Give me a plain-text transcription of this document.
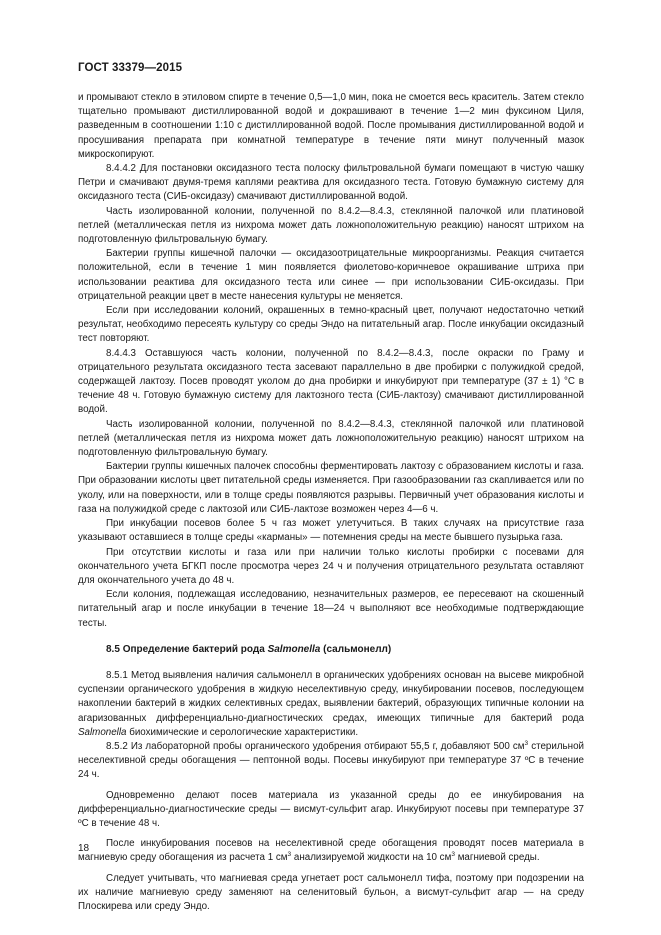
ГОСТ 33379—2015

и промывают стекло в этиловом спирте в течение 0,5—1,0 мин, пока не смоется весь краситель. Затем стекло тщательно промывают дистиллированной водой и докрашивают в течение 1—2 мин фуксином Циля, разведенным в соотношении 1:10 с дистиллированной водой. После промывания дистиллированной водой и просушивания препарата при комнатной температуре в течение пяти минут полученный мазок микроскопируют.

8.4.4.2 Для постановки оксидазного теста полоску фильтровальной бумаги помещают в чистую чашку Петри и смачивают двумя-тремя каплями реактива для оксидазного теста. Готовую бумажную систему для оксидазного теста (СИБ-оксидазу) смачивают дистиллированной водой.

Часть изолированной колонии, полученной по 8.4.2—8.4.3, стеклянной палочкой или платиновой петлей (металлическая петля из нихрома может дать ложноположительную реакцию) наносят штрихом на подготовленную фильтровальную бумагу.

Бактерии группы кишечной палочки — оксидазоотрицательные микроорганизмы. Реакция считается положительной, если в течение 1 мин появляется фиолетово-коричневое окрашивание штриха при использовании реактива для оксидазного теста или синее — при использовании СИБ-оксидазы. При отрицательной реакции цвет в месте нанесения культуры не меняется.

Если при исследовании колоний, окрашенных в темно-красный цвет, получают недостаточно четкий результат, необходимо пересеять культуру со среды Эндо на питательный агар. После инкубации оксидазный тест повторяют.

8.4.4.3 Оставшуюся часть колонии, полученной по 8.4.2—8.4.3, после окраски по Граму и отрицательного результата оксидазного теста засевают параллельно в две пробирки с полужидкой средой, содержащей лактозу. Посев проводят уколом до дна пробирки и инкубируют при температуре (37 ± 1) °С в течение 48 ч. Готовую бумажную систему для лактозного теста (СИБ-лактозу) смачивают дистиллированной водой.

Часть изолированной колонии, полученной по 8.4.2—8.4.3, стеклянной палочкой или платиновой петлей (металлическая петля из нихрома может дать ложноположительную реакцию) наносят штрихом на подготовленную фильтровальную бумагу.

Бактерии группы кишечных палочек способны ферментировать лактозу с образованием кислоты и газа. При образовании кислоты цвет питательной среды изменяется. При газообразовании газ скапливается или по уколу, или на поверхности, или в толще среды появляются разрывы. Первичный учет образования кислоты и газа на полужидкой среде с лактозой или СИБ-лактозе возможен через 4—6 ч.

При инкубации посевов более 5 ч газ может улетучиться. В таких случаях на присутствие газа указывают оставшиеся в толще среды «карманы» — потемнения среды на месте бывшего пузырька газа.

При отсутствии кислоты и газа или при наличии только кислоты пробирки с посевами для окончательного учета БГКП после просмотра через 24 ч и получения отрицательного результата оставляют для окончательного учета до 48 ч.

Если колония, подлежащая исследованию, незначительных размеров, ее пересевают на скошенный питательный агар и после инкубации в течение 18—24 ч выполняют все необходимые подтверждающие тесты.

8.5 Определение бактерий рода Salmonella (сальмонелл)

8.5.1 Метод выявления наличия сальмонелл в органических удобрениях основан на высеве микробной суспензии органического удобрения в жидкую неселективную среду, инкубировании посевов, последующем накоплении бактерий в жидких селективных средах, выявлении бактерий, образующих типичные колонии на агаризованных дифференциально-диагностических средах, имеющих типичные для бактерий рода Salmonella биохимические и серологические характеристики.

8.5.2 Из лабораторной пробы органического удобрения отбирают 55,5 г, добавляют 500 $см^3$ стерильной неселективной среды обогащения — пептонной воды. Посевы инкубируют при температуре 37 ºС в течение 24 ч.

Одновременно делают посев материала из указанной среды до ее инкубирования на дифференциально-диагностические среды — висмут-сульфит агар. Инкубируют посевы при температуре 37 ºС в течение 48 ч.

После инкубирования посевов на неселективной среде обогащения проводят посев материала в магниевую среду обогащения из расчета 1 $см^3$ анализируемой жидкости на 10 $см^3$ магниевой среды.

Следует учитывать, что магниевая среда угнетает рост сальмонелл тифа, поэтому при подозрении на их наличие магниевую среду заменяют на селенитовый бульон, а висмут-сульфит агар — на среду Плоскирева или среду Эндо.

18
